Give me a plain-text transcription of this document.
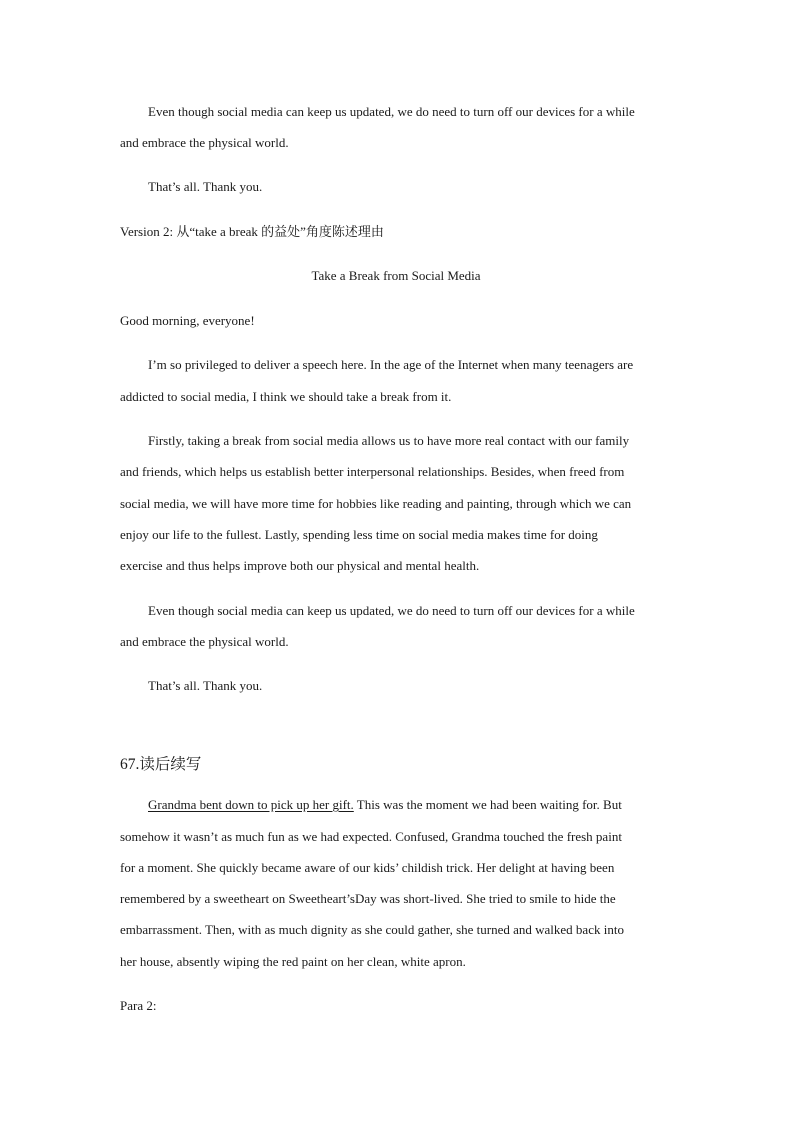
Even though social media can keep us updated, we do need to turn off our devices for a while
and embrace the physical world.
That’s all. Thank you.
Version 2: 从“take a break 的益处”角度陈述理由
Take a Break from Social Media
Good morning, everyone!
I’m so privileged to deliver a speech here. In the age of the Internet when many teenagers are
addicted to social media, I think we should take a break from it.
Firstly, taking a break from social media allows us to have more real contact with our family
and friends, which helps us establish better interpersonal relationships. Besides, when freed from
social media, we will have more time for hobbies like reading and painting, through which we can
enjoy our life to the fullest. Lastly, spending less time on social media makes time for doing
exercise and thus helps improve both our physical and mental health.
Even though social media can keep us updated, we do need to turn off our devices for a while
and embrace the physical world.
That’s all. Thank you.
67.读后续写
Grandma bent down to pick up her gift. This was the moment we had been waiting for. But
somehow it wasn’t as much fun as we had expected. Confused, Grandma touched the fresh paint
for a moment. She quickly became aware of our kids’ childish trick. Her delight at having been
remembered by a sweetheart on Sweetheart’sDay was short-lived. She tried to smile to hide the
embarrassment. Then, with as much dignity as she could gather, she turned and walked back into
her house, absently wiping the red paint on her clean, white apron.
Para 2:
